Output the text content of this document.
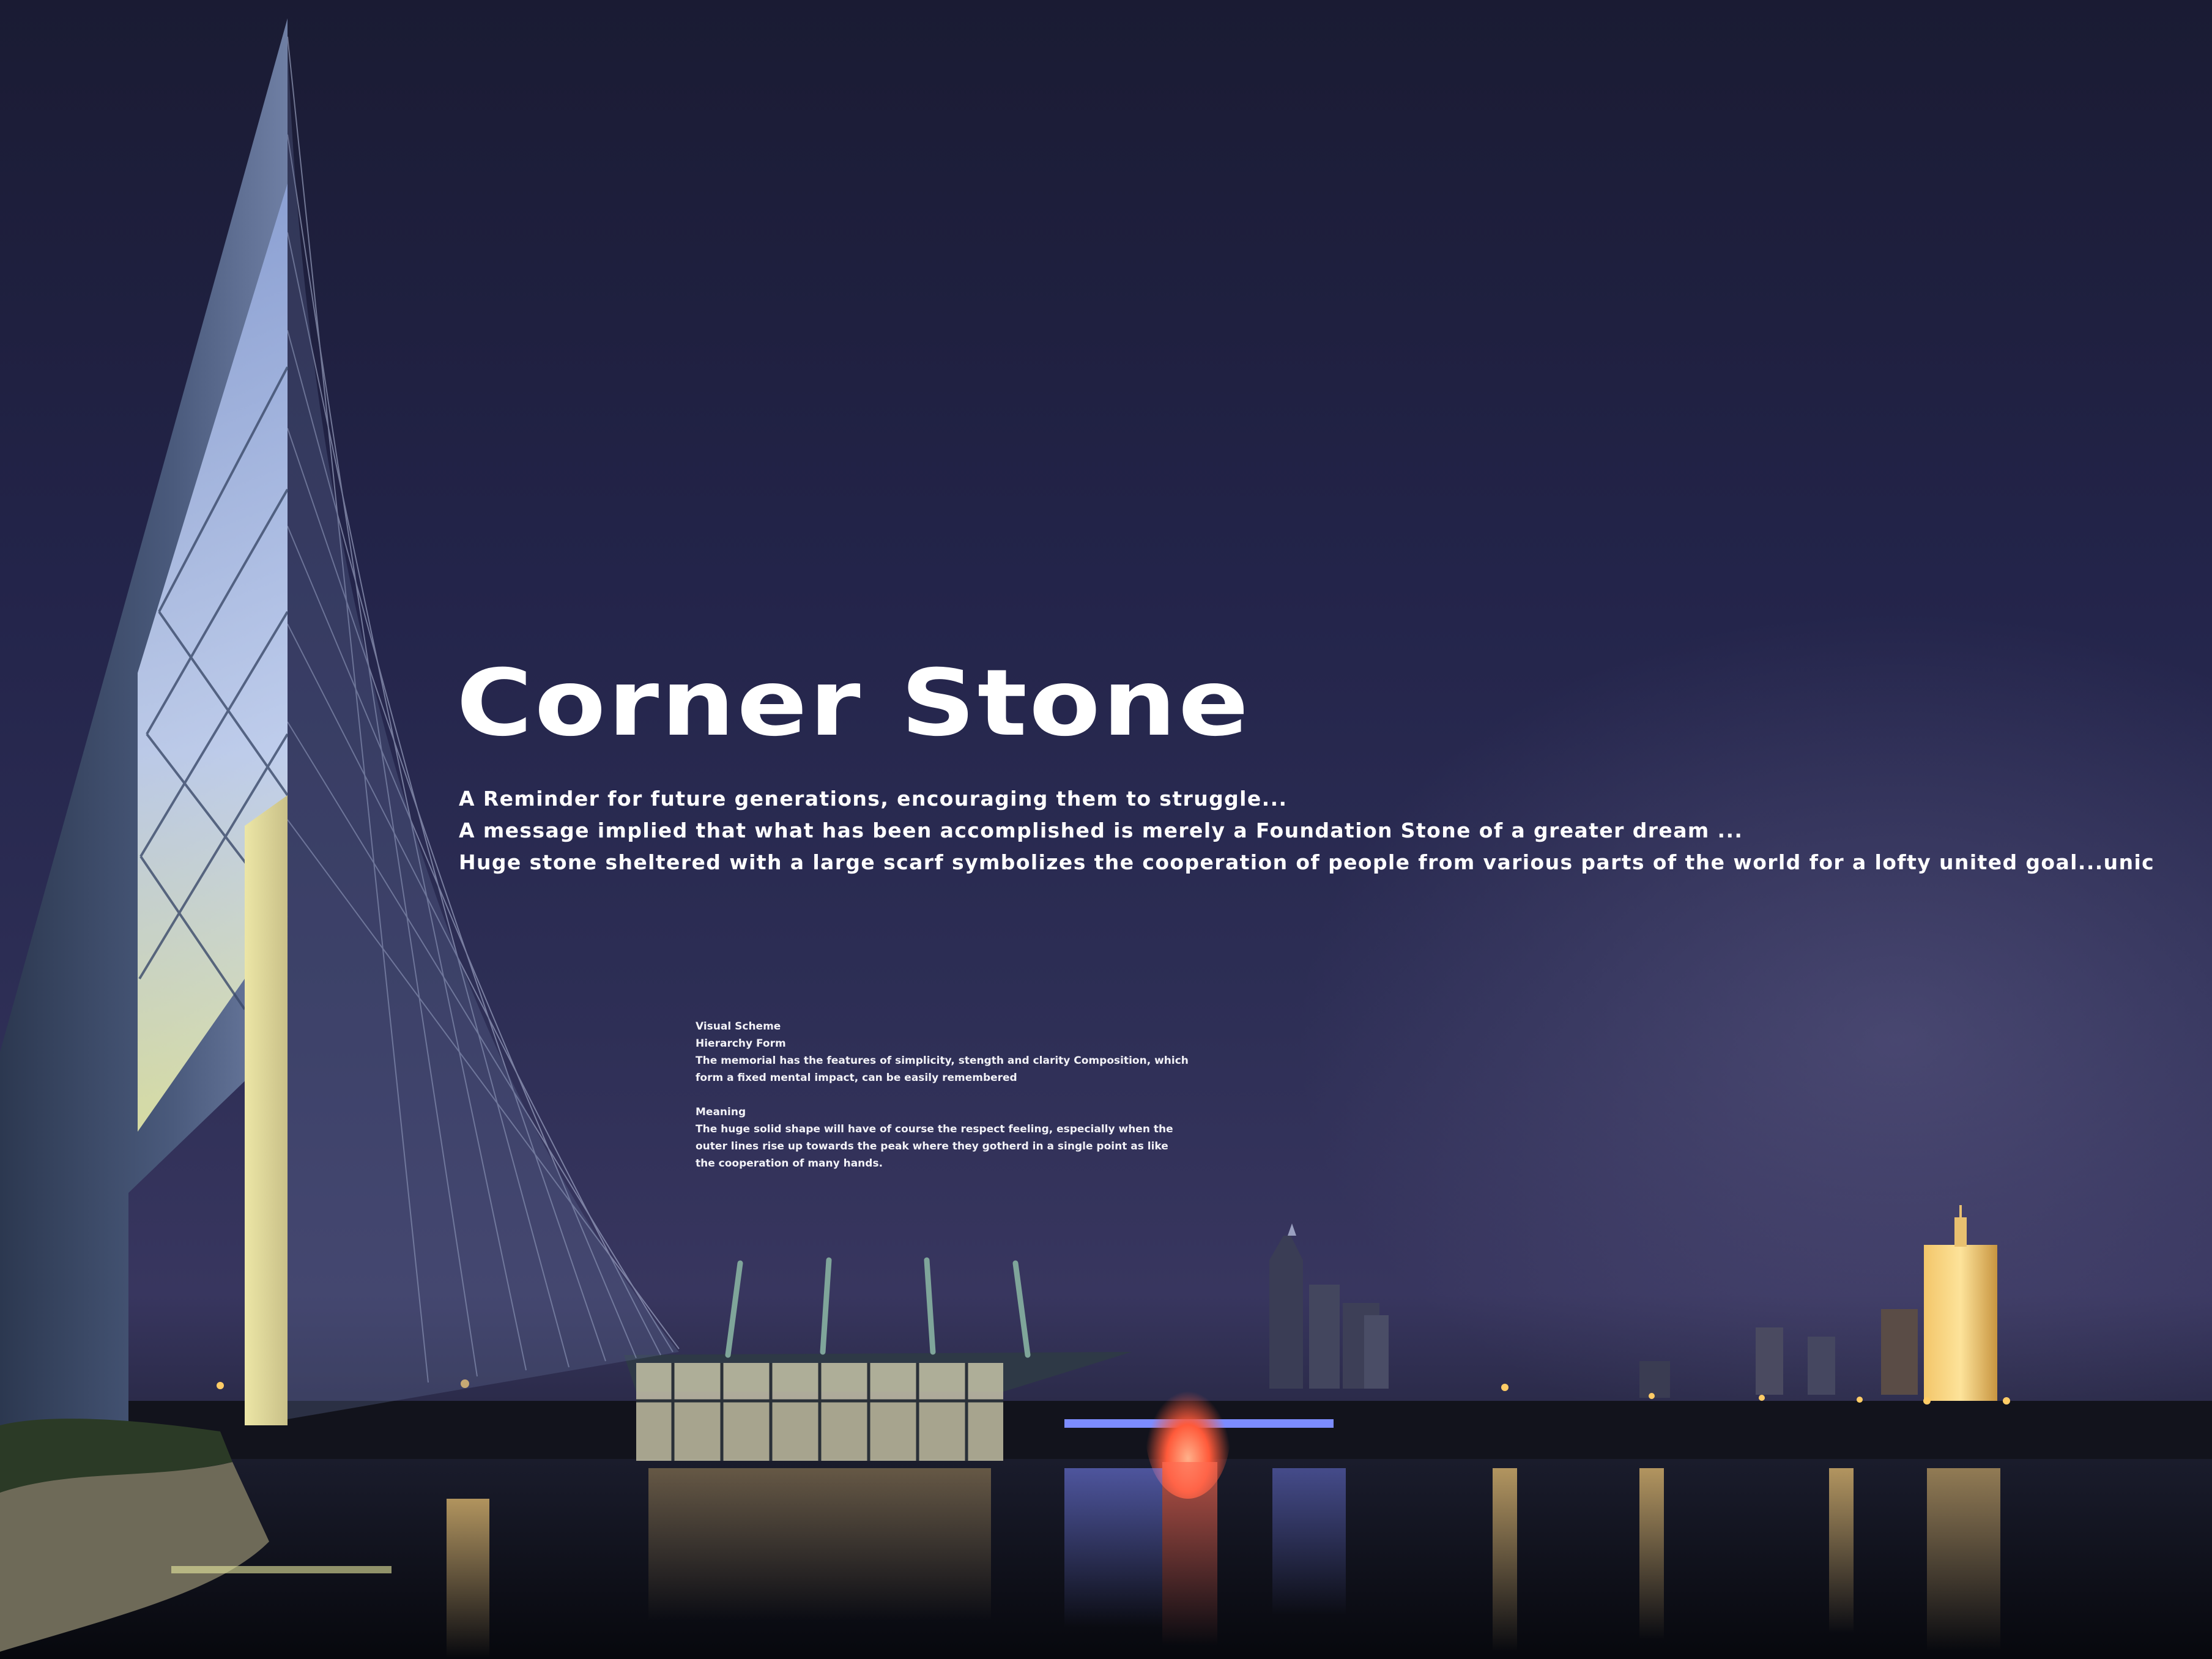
Corner Stone
A Reminder for future generations, encouraging them to struggle...
A message implied that what has been accomplished is merely a Foundation Stone of a greater dream ...
Huge stone sheltered with a large scarf symbolizes the cooperation of people from various parts of the world for a lofty united goal...unic
Visual Scheme
Hierarchy Form
The memorial has the features of simplicity, stength and clarity Composition, which
form a fixed mental impact, can be easily remembered
Meaning
The huge solid shape will have of course the respect feeling, especially when the
outer lines rise up towards the peak where they gotherd in a single point as like
the cooperation of many hands.
